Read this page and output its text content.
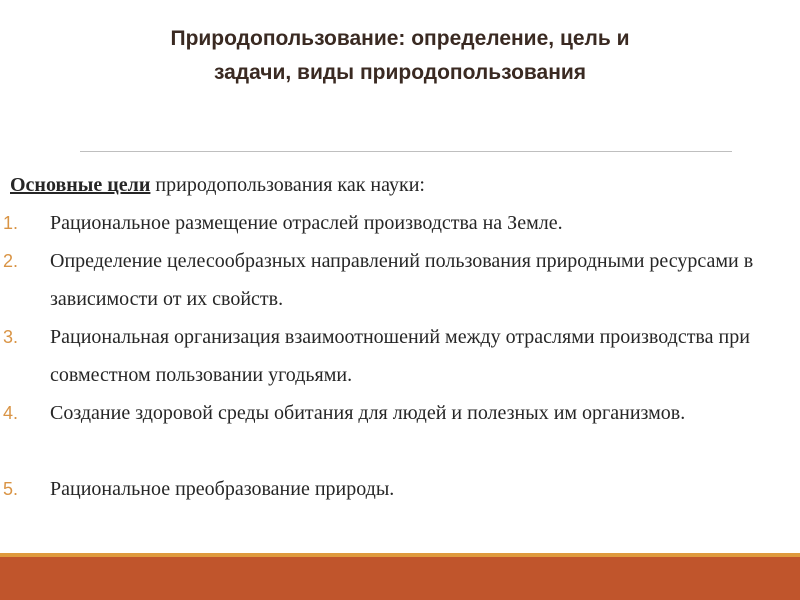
Природопользование: определение, цель и
задачи, виды природопользования
Основные цели природопользования как науки:
1. Рациональное размещение отраслей производства на Земле.
2. Определение целесообразных направлений пользования природными ресурсами в зависимости от их свойств.
3. Рациональная организация взаимоотношений между отраслями производства при совместном пользовании угодьями.
4. Создание здоровой среды обитания для людей и полезных им организмов.
5. Рациональное преобразование природы.
